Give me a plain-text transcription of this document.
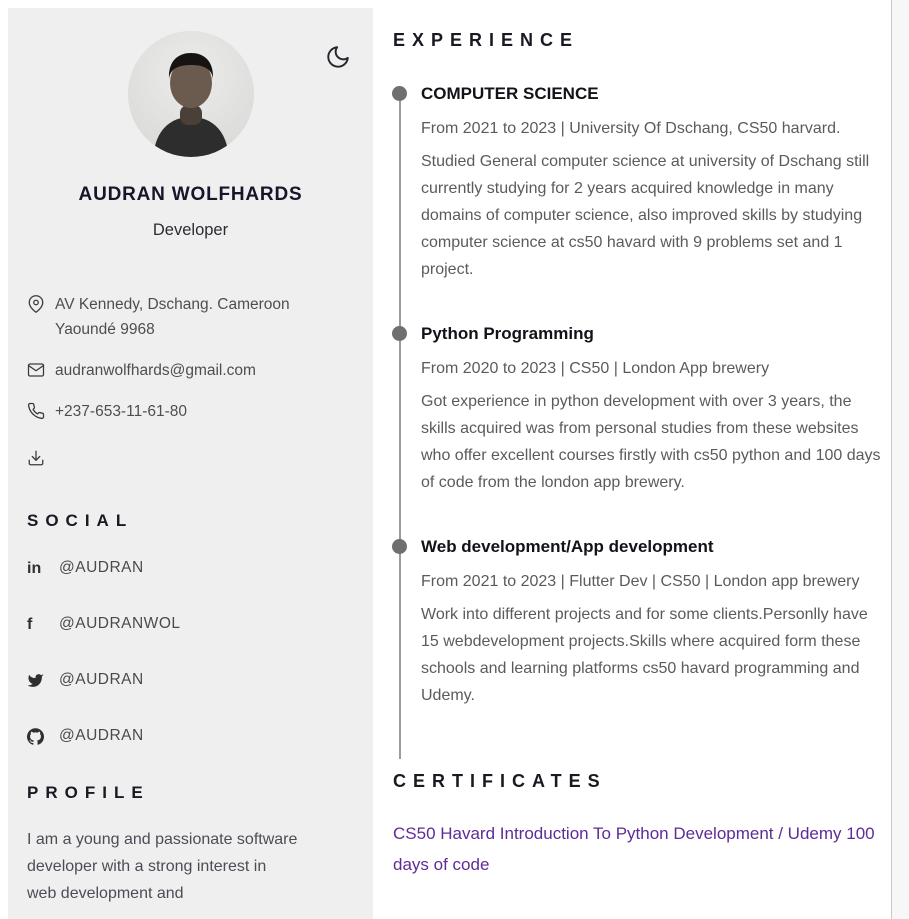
AUDRAN WOLFHARDS
Developer
AV Kennedy, Dschang. Cameroon
Yaoundé 9968
audranwolfhards@gmail.com
+237-653-11-61-80
SOCIAL
in @AUDRAN
f @AUDRANWOL
@AUDRAN
@AUDRAN
PROFILE

I am a young and passionate software developer with a strong interest in web development and

EXPERIENCE
COMPUTER SCIENCE
From 2021 to 2023 | University Of Dschang, CS50 harvard.
Studied General computer science at university of Dschang still currently studying for 2 years acquired knowledge in many domains of computer science, also improved skills by studying computer science at cs50 havard with 9 problems set and 1 project.
Python Programming
From 2020 to 2023 | CS50 | London App brewery
Got experience in python development with over 3 years, the skills acquired was from personal studies from these websites who offer excellent courses firstly with cs50 python and 100 days of code from the london app brewery.
Web development/App development
From 2021 to 2023 | Flutter Dev | CS50 | London app brewery
Work into different projects and for some clients.Personlly have 15 webdevelopment projects.Skills where acquired form these schools and learning platforms cs50 havard programming and Udemy.
CERTIFICATES
CS50 Havard Introduction To Python Development / Udemy 100 days of code
